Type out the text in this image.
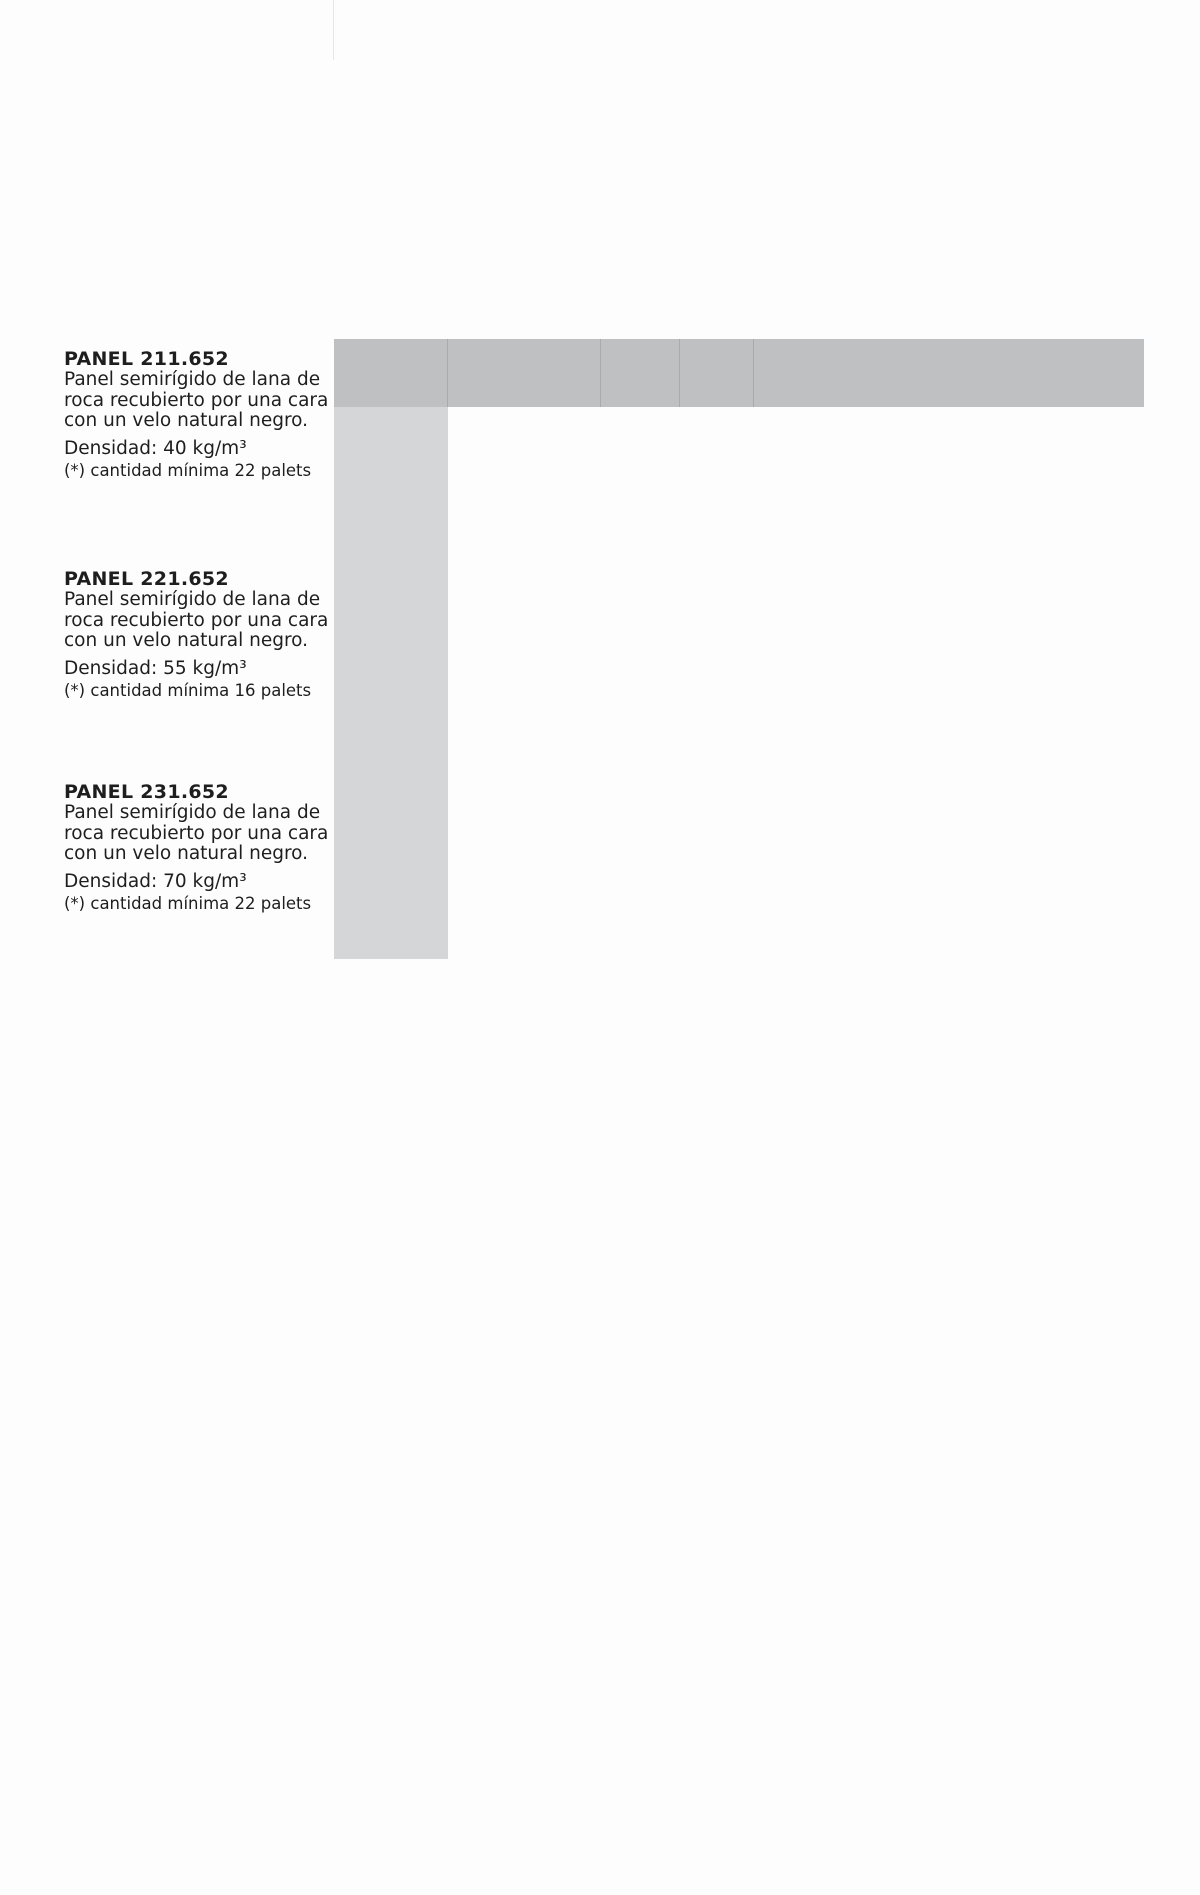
PANEL 211.652
Panel semirígido de lana de roca recubierto por una cara con un velo natural negro.
Densidad: 40 kg/m³
(*) cantidad mínima 22 palets
PANEL 221.652
Panel semirígido de lana de roca recubierto por una cara con un velo natural negro.
Densidad: 55 kg/m³
(*) cantidad mínima 16 palets
PANEL 231.652
Panel semirígido de lana de roca recubierto por una cara con un velo natural negro.
Densidad: 70 kg/m³
(*) cantidad mínima 22 palets
